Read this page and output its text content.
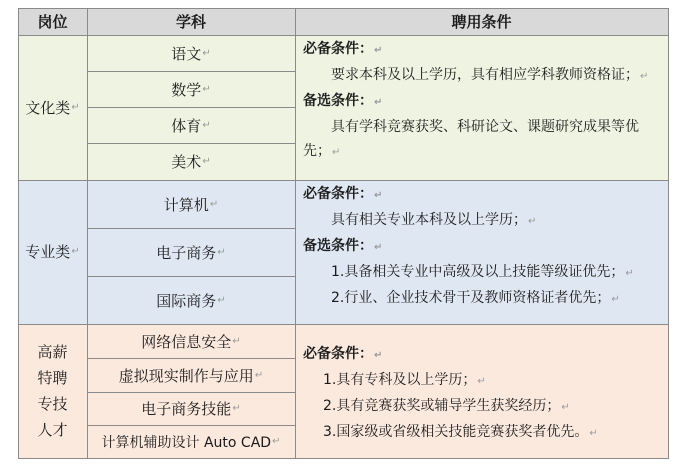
岗位	学科	聘用条件
文化类 ↵
语文 ↵
数学 ↵
体育 ↵
美术 ↵

必备条件：↵

要求本科及以上学历，具有相应学科教师资格证；↵

备选条件：↵

具有学科竞赛获奖、科研论文、课题研究成果等优先；↵

专业类 ↵
计算机 ↵
电子商务 ↵
国际商务 ↵

必备条件：↵

具有相关专业本科及以上学历；↵

备选条件：↵

1.具备相关专业中高级及以上技能等级证优先；↵

2.行业、企业技术骨干及教师资格证者优先；↵

高薪
特聘
专技
人才
网络信息安全 ↵
虚拟现实制作与应用 ↵
电子商务技能 ↵
计算机辅助设计 Auto CAD ↵

必备条件：↵

1.具有专科及以上学历；↵

2.具有竞赛获奖或辅导学生获奖经历；↵

3.国家级或省级相关技能竞赛获奖者优先。↵
